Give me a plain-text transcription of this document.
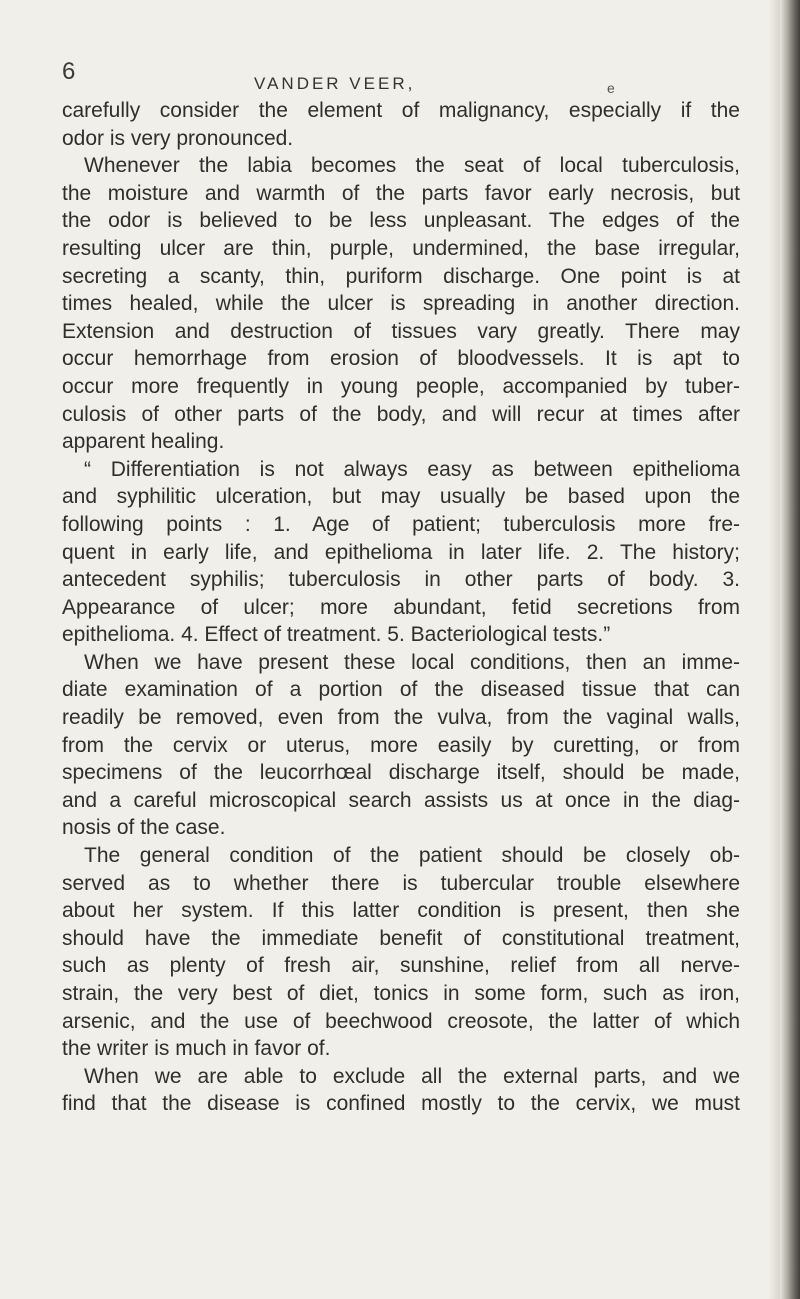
6	VANDER VEER,	e
carefully consider the element of malignancy, especially if the
odor is very pronounced.
Whenever the labia becomes the seat of local tuberculosis,
the moisture and warmth of the parts favor early necrosis, but
the odor is believed to be less unpleasant. The edges of the
resulting ulcer are thin, purple, undermined, the base irregular,
secreting a scanty, thin, puriform discharge. One point is at
times healed, while the ulcer is spreading in another direction.
Extension and destruction of tissues vary greatly. There may
occur hemorrhage from erosion of bloodvessels. It is apt to
occur more frequently in young people, accompanied by tuber-
culosis of other parts of the body, and will recur at times after
apparent healing.
“ Differentiation is not always easy as between epithelioma
and syphilitic ulceration, but may usually be based upon the
following points : 1. Age of patient; tuberculosis more fre-
quent in early life, and epithelioma in later life. 2. The history;
antecedent syphilis; tuberculosis in other parts of body. 3.
Appearance of ulcer; more abundant, fetid secretions from
epithelioma. 4. Effect of treatment. 5. Bacteriological tests.”
When we have present these local conditions, then an imme-
diate examination of a portion of the diseased tissue that can
readily be removed, even from the vulva, from the vaginal walls,
from the cervix or uterus, more easily by curetting, or from
specimens of the leucorrhœal discharge itself, should be made,
and a careful microscopical search assists us at once in the diag-
nosis of the case.
The general condition of the patient should be closely ob-
served as to whether there is tubercular trouble elsewhere
about her system. If this latter condition is present, then she
should have the immediate benefit of constitutional treatment,
such as plenty of fresh air, sunshine, relief from all nerve-
strain, the very best of diet, tonics in some form, such as iron,
arsenic, and the use of beechwood creosote, the latter of which
the writer is much in favor of.
When we are able to exclude all the external parts, and we
find that the disease is confined mostly to the cervix, we must
